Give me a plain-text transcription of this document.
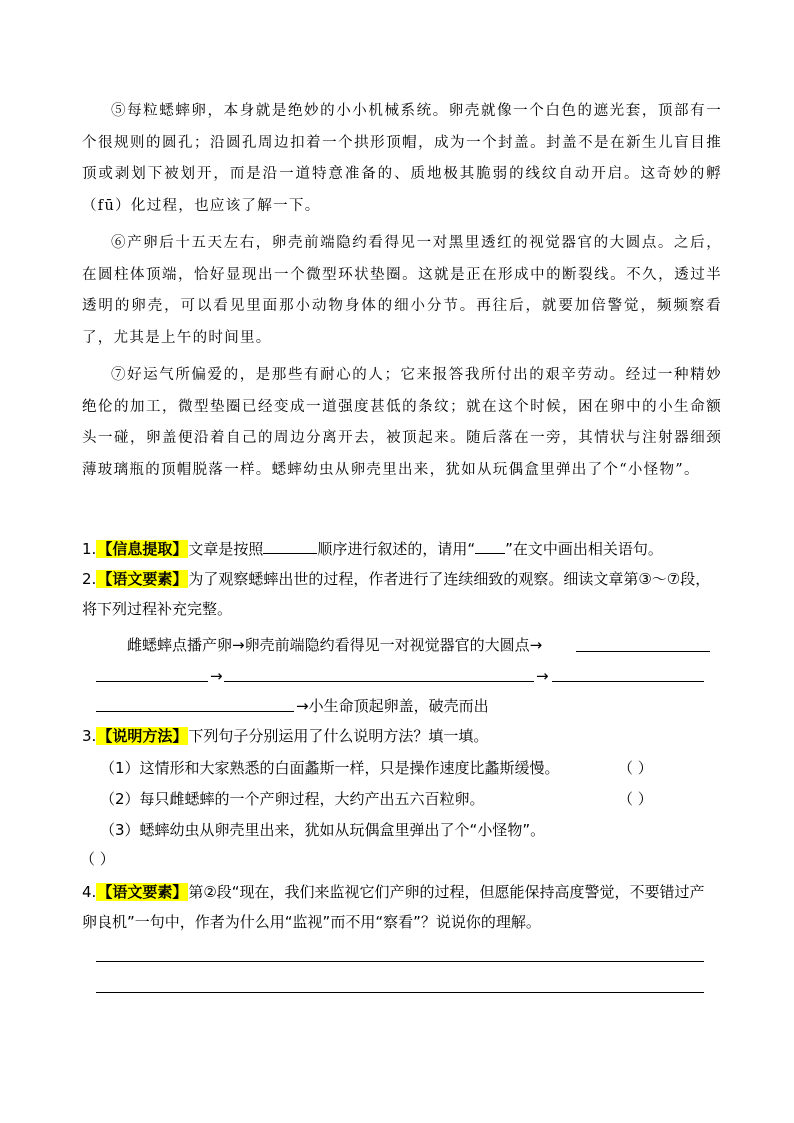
⑤每粒蟋蟀卵，本身就是绝妙的小小机械系统。卵壳就像一个白色的遮光套，顶部有一个很规则的圆孔；沿圆孔周边扣着一个拱形顶帽，成为一个封盖。封盖不是在新生儿盲目推顶或剥划下被划开，而是沿一道特意准备的、质地极其脆弱的线纹自动开启。这奇妙的孵（fū）化过程，也应该了解一下。

⑥产卵后十五天左右，卵壳前端隐约看得见一对黑里透红的视觉器官的大圆点。之后，在圆柱体顶端，恰好显现出一个微型环状垫圈。这就是正在形成中的断裂线。不久，透过半透明的卵壳，可以看见里面那小动物身体的细小分节。再往后，就要加倍警觉，频频察看了，尤其是上午的时间里。

⑦好运气所偏爱的，是那些有耐心的人；它来报答我所付出的艰辛劳动。经过一种精妙绝伦的加工，微型垫圈已经变成一道强度甚低的条纹；就在这个时候，困在卵中的小生命额头一碰，卵盖便沿着自己的周边分离开去，被顶起来。随后落在一旁，其情状与注射器细颈薄玻璃瓶的顶帽脱落一样。蟋蟀幼虫从卵壳里出来，犹如从玩偶盒里弹出了个“小怪物”。

1.【信息提取】文章是按照	顺序进行叙述的，请用“ ”在文中画出相关语句。
2.【语文要素】为了观察蟋蟀出世的过程，作者进行了连续细致的观察。细读文章第③～⑦段，将下列过程补充完整。
雌蟋蟀点播产卵→卵壳前端隐约看得见一对视觉器官的大圆点→
→	→
→小生命顶起卵盖，破壳而出
3.【说明方法】下列句子分别运用了什么说明方法？填一填。
（1）这情形和大家熟悉的白面蠡斯一样，只是操作速度比蠡斯缓慢。	（ ）
（2）每只雌蟋蟀的一个产卵过程，大约产出五六百粒卵。	（ ）
（3）蟋蟀幼虫从卵壳里出来，犹如从玩偶盒里弹出了个“小怪物”。
（ ）
4.【语文要素】第②段“现在，我们来监视它们产卵的过程，但愿能保持高度警觉，不要错过产卵良机”一句中，作者为什么用“监视”而不用“察看”？说说你的理解。
